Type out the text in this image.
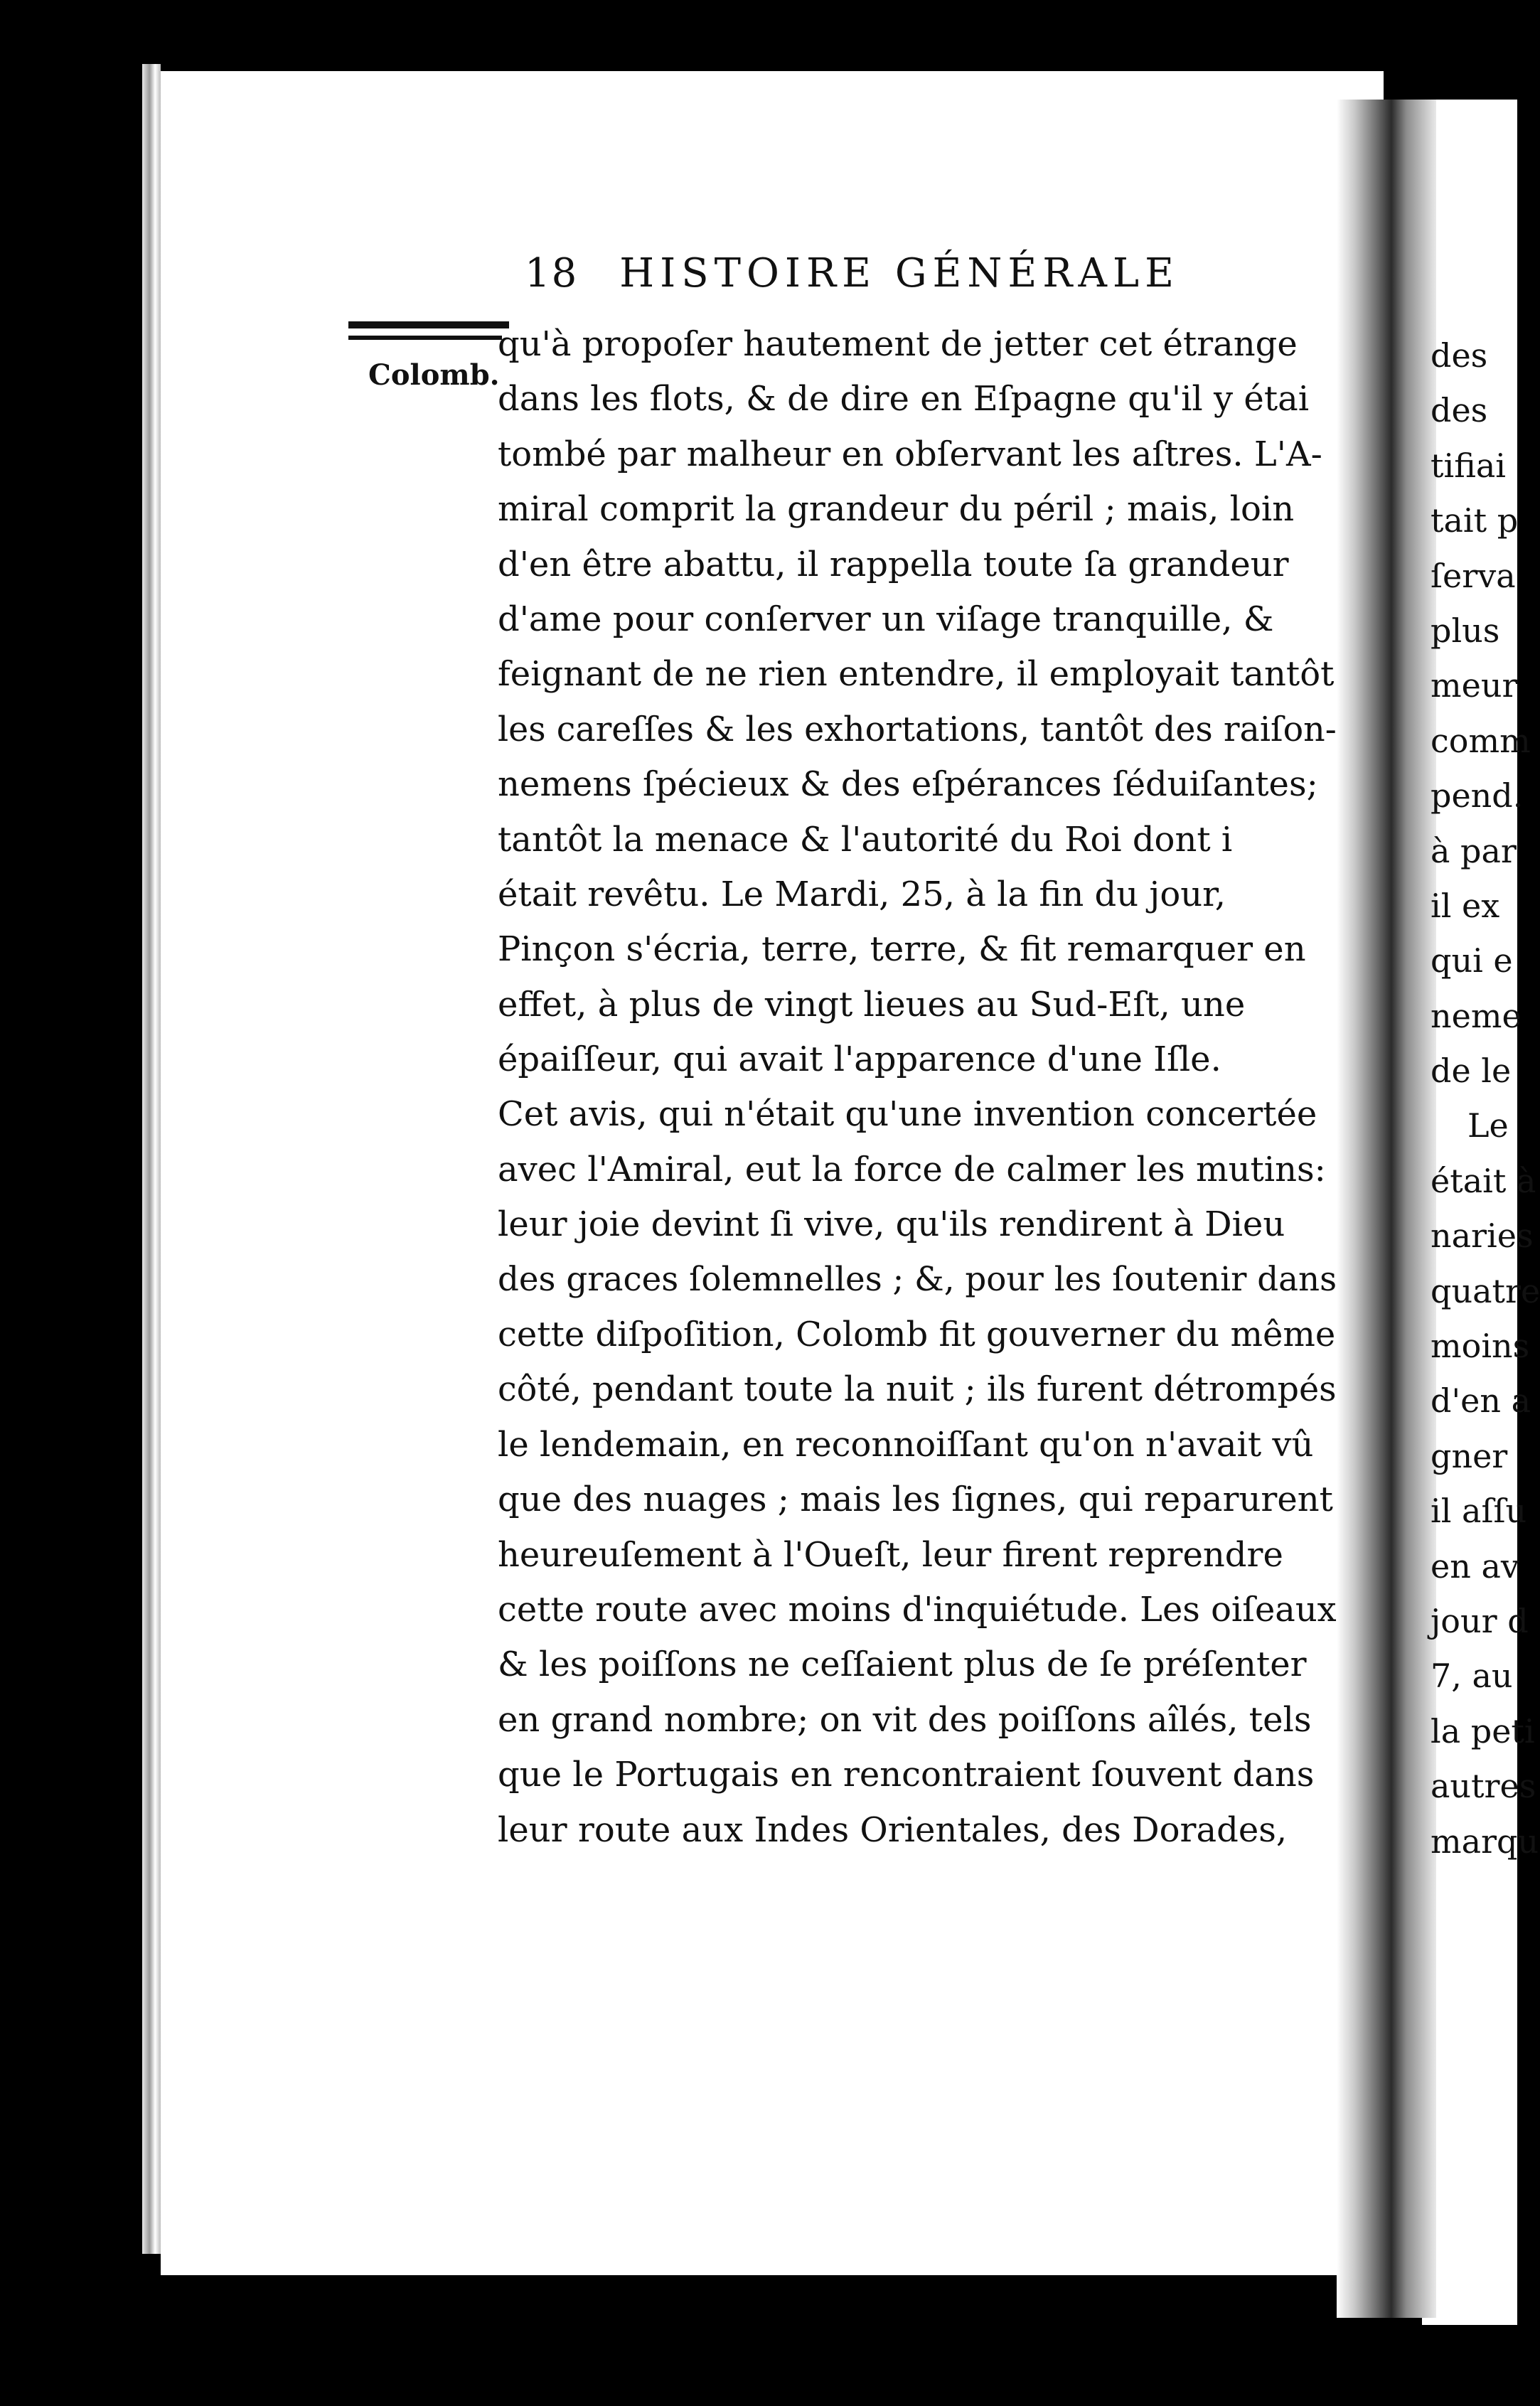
18 HISTOIRE GÉNÉRALE
Colomb.
qu'à propoſer hautement de jetter cet étrange
dans les flots, & de dire en Eſpagne qu'il y étai
tombé par malheur en obſervant les aſtres. L'A-
miral comprit la grandeur du péril ; mais, loin
d'en être abattu, il rappella toute ſa grandeur
d'ame pour conſerver un viſage tranquille, &
feignant de ne rien entendre, il employait tantôt
les careſſes & les exhortations, tantôt des raiſon-
nemens ſpécieux & des eſpérances ſéduiſantes;
tantôt la menace & l'autorité du Roi dont i
était revêtu. Le Mardi, 25, à la fin du jour,
Pinçon s'écria, terre, terre, & fit remarquer en
effet, à plus de vingt lieues au Sud-Eſt, une
épaiſſeur, qui avait l'apparence d'une Iſle.
Cet avis, qui n'était qu'une invention concertée
avec l'Amiral, eut la force de calmer les mutins:
leur joie devint ſi vive, qu'ils rendirent à Dieu
des graces ſolemnelles ; &, pour les ſoutenir dans
cette diſpoſition, Colomb fit gouverner du même
côté, pendant toute la nuit ; ils furent détrompés
le lendemain, en reconnoiſſant qu'on n'avait vû
que des nuages ; mais les ſignes, qui reparurent
heureuſement à l'Oueſt, leur firent reprendre
cette route avec moins d'inquiétude. Les oiſeaux
& les poiſſons ne ceſſaient plus de ſe préſenter
en grand nombre; on vit des poiſſons aîlés, tels
que le Portugais en rencontraient ſouvent dans
leur route aux Indes Orientales, des Dorades,
des
des
tifiai
tait p
ſerva
plus
meur
comm
pend.
à par
il ex
qui e
neme
de le
Le
était à
naries
quatre
moins
d'en a
gner
il aſſu
en av
jour d
7, au
la peti
autres
marqu
